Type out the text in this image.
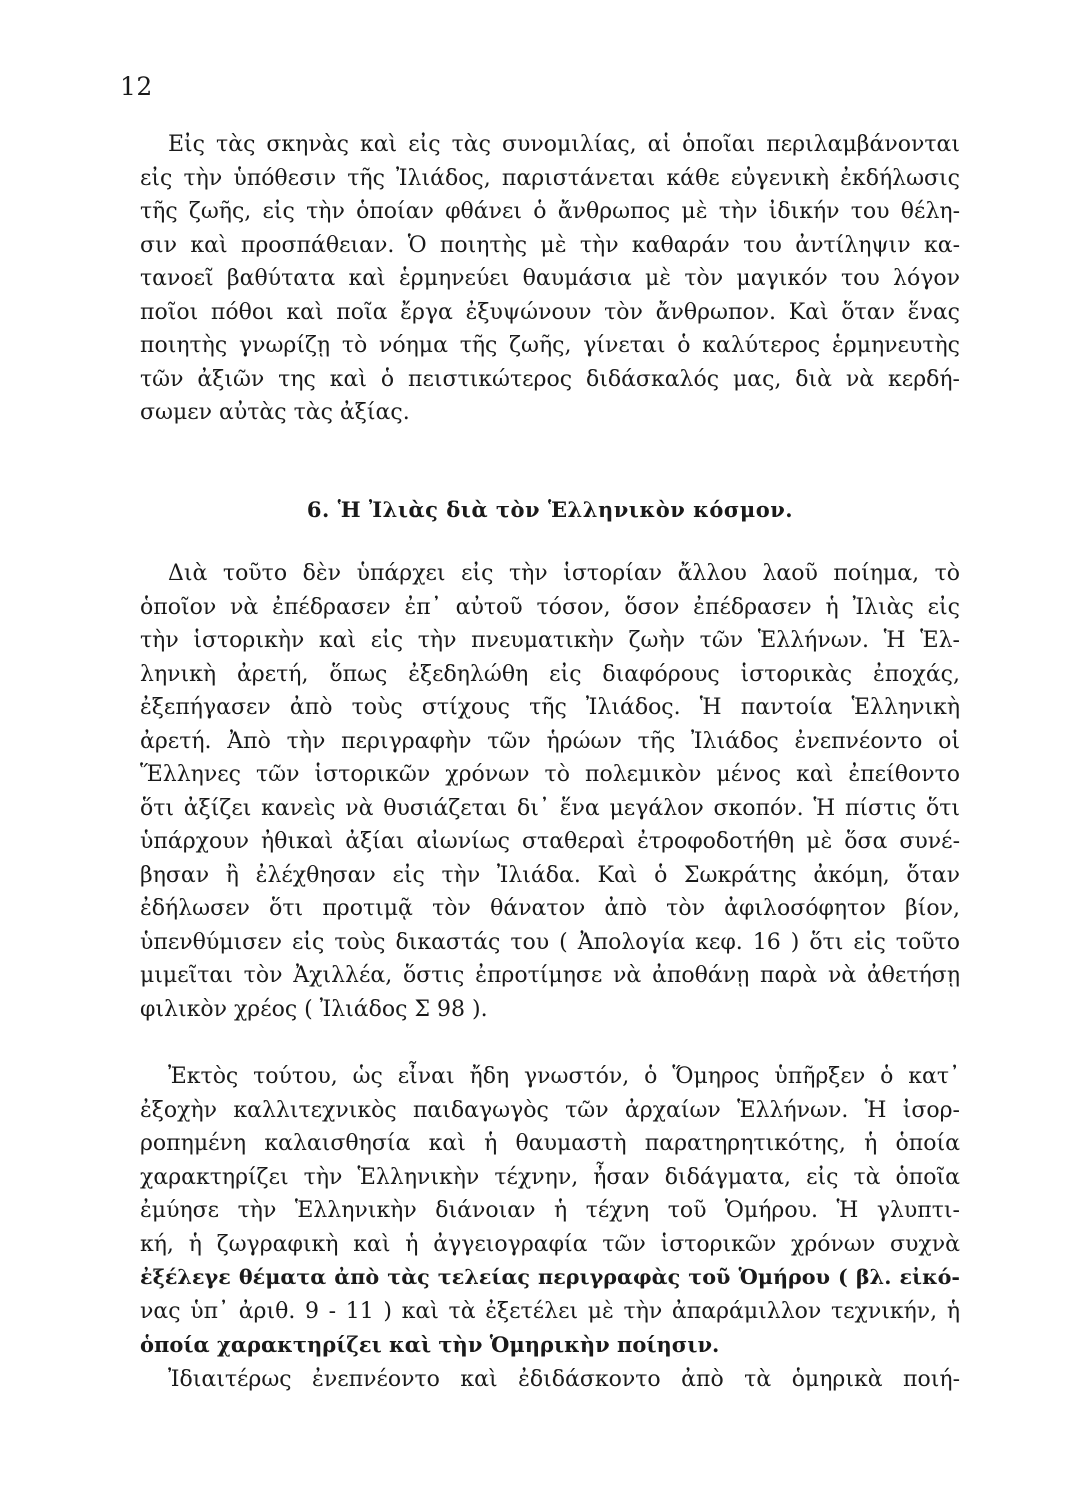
12
Εἰς τὰς σκηνὰς καὶ εἰς τὰς συνομιλίας, αἱ ὁποῖαι περιλαμβάνονται
εἰς τὴν ὑπόθεσιν τῆς Ἰλιάδος, παριστάνεται κάθε εὐγενικὴ ἐκδήλωσις
τῆς ζωῆς, εἰς τὴν ὁποίαν φθάνει ὁ ἄνθρωπος μὲ τὴν ἰδικήν του θέλη-
σιν καὶ προσπάθειαν. Ὁ ποιητὴς μὲ τὴν καθαράν του ἀντίληψιν κα-
τανοεῖ βαθύτατα καὶ ἑρμηνεύει θαυμάσια μὲ τὸν μαγικόν του λόγον
ποῖοι πόθοι καὶ ποῖα ἔργα ἐξυψώνουν τὸν ἄνθρωπον. Καὶ ὅταν ἕνας
ποιητὴς γνωρίζῃ τὸ νόημα τῆς ζωῆς, γίνεται ὁ καλύτερος ἑρμηνευτὴς
τῶν ἀξιῶν της καὶ ὁ πειστικώτερος διδάσκαλός μας, διὰ νὰ κερδή-
σωμεν αὐτὰς τὰς ἀξίας.
6. Ἡ Ἰλιὰς διὰ τὸν Ἑλληνικὸν κόσμον.
Διὰ τοῦτο δὲν ὑπάρχει εἰς τὴν ἱστορίαν ἄλλου λαοῦ ποίημα, τὸ
ὁποῖον νὰ ἐπέδρασεν ἐπ᾽ αὐτοῦ τόσον, ὅσον ἐπέδρασεν ἡ Ἰλιὰς εἰς
τὴν ἱστορικὴν καὶ εἰς τὴν πνευματικὴν ζωὴν τῶν Ἑλλήνων. Ἡ Ἑλ-
ληνικὴ ἀρετή, ὅπως ἐξεδηλώθη εἰς διαφόρους ἱστορικὰς ἐποχάς,
ἐξεπήγασεν ἀπὸ τοὺς στίχους τῆς Ἰλιάδος. Ἡ παντοία Ἑλληνικὴ
ἀρετή. Ἀπὸ τὴν περιγραφὴν τῶν ἡρώων τῆς Ἰλιάδος ἐνεπνέοντο οἱ
Ἕλληνες τῶν ἱστορικῶν χρόνων τὸ πολεμικὸν μένος καὶ ἐπείθοντο
ὅτι ἀξίζει κανεὶς νὰ θυσιάζεται δι᾽ ἕνα μεγάλον σκοπόν. Ἡ πίστις ὅτι
ὑπάρχουν ἠθικαὶ ἀξίαι αἰωνίως σταθεραὶ ἐτροφοδοτήθη μὲ ὅσα συνέ-
βησαν ἢ ἐλέχθησαν εἰς τὴν Ἰλιάδα. Καὶ ὁ Σωκράτης ἀκόμη, ὅταν
ἐδήλωσεν ὅτι προτιμᾷ τὸν θάνατον ἀπὸ τὸν ἀφιλοσόφητον βίον,
ὑπενθύμισεν εἰς τοὺς δικαστάς του ( Ἀπολογία κεφ. 16 ) ὅτι εἰς τοῦτο
μιμεῖται τὸν Ἀχιλλέα, ὅστις ἐπροτίμησε νὰ ἀποθάνῃ παρὰ νὰ ἀθετήσῃ
φιλικὸν χρέος ( Ἰλιάδος Σ 98 ).
Ἐκτὸς τούτου, ὡς εἶναι ἤδη γνωστόν, ὁ Ὅμηρος ὑπῆρξεν ὁ κατ᾽
ἐξοχὴν καλλιτεχνικὸς παιδαγωγὸς τῶν ἀρχαίων Ἑλλήνων. Ἡ ἰσορ-
ροπημένη καλαισθησία καὶ ἡ θαυμαστὴ παρατηρητικότης, ἡ ὁποία
χαρακτηρίζει τὴν Ἑλληνικὴν τέχνην, ἦσαν διδάγματα, εἰς τὰ ὁποῖα
ἐμύησε τὴν Ἑλληνικὴν διάνοιαν ἡ τέχνη τοῦ Ὁμήρου. Ἡ γλυπτι-
κή, ἡ ζωγραφικὴ καὶ ἡ ἀγγειογραφία τῶν ἱστορικῶν χρόνων συχνὰ
ἐξέλεγε θέματα ἀπὸ τὰς τελείας περιγραφὰς τοῦ Ὁμήρου ( βλ. εἰκό-
νας ὑπ᾽ ἀριθ. 9 - 11 ) καὶ τὰ ἐξετέλει μὲ τὴν ἀπαράμιλλον τεχνικήν, ἡ
ὁποία χαρακτηρίζει καὶ τὴν Ὁμηρικὴν ποίησιν.
Ἰδιαιτέρως ἐνεπνέοντο καὶ ἐδιδάσκοντο ἀπὸ τὰ ὁμηρικὰ ποιή-
